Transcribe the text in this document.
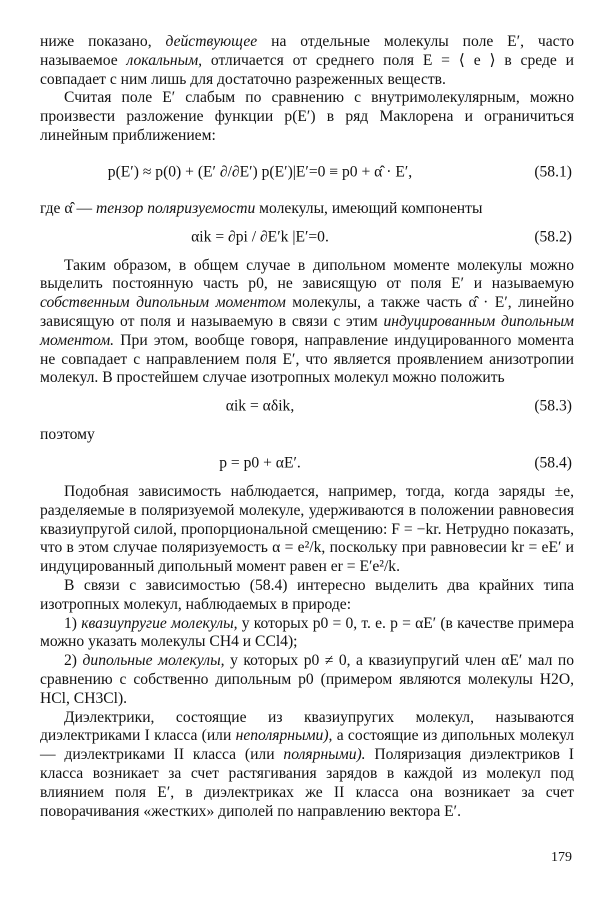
ниже показано, действующее на отдельные молекулы поле E′, часто называемое локальным, отличается от среднего поля E = ⟨ e ⟩ в среде и совпадает с ним лишь для достаточно разреженных веществ.

Считая поле E′ слабым по сравнению с внутримолекулярным, можно произвести разложение функции p(E′) в ряд Маклорена и ограничиться линейным приближением:

p(E′) ≈ p(0) + (E′ ∂/∂E′) p(E′)|E′=0 ≡ p0 + α̂ · E′,	(58.1)

где α̂ — тензор поляризуемости молекулы, имеющий компоненты

αik = ∂pi / ∂E′k |E′=0.	(58.2)

Таким образом, в общем случае в дипольном моменте молекулы можно выделить постоянную часть p0, не зависящую от поля E′ и называемую собственным дипольным моментом молекулы, а также часть α̂ · E′, линейно зависящую от поля и называемую в связи с этим индуцированным дипольным моментом. При этом, вообще говоря, направление индуцированного момента не совпадает с направлением поля E′, что является проявлением анизотропии молекул. В простейшем случае изотропных молекул можно положить

αik = αδik,	(58.3)

поэтому

p = p0 + αE′.	(58.4)

Подобная зависимость наблюдается, например, тогда, когда заряды ±e, разделяемые в поляризуемой молекуле, удерживаются в положении равновесия квазиупругой силой, пропорциональной смещению: F = −kr. Нетрудно показать, что в этом случае поляризуемость α = e²/k, поскольку при равновесии kr = eE′ и индуцированный дипольный момент равен er = E′e²/k.

В связи с зависимостью (58.4) интересно выделить два крайних типа изотропных молекул, наблюдаемых в природе:

1) квазиупругие молекулы, у которых p0 = 0, т. е. p = αE′ (в качестве примера можно указать молекулы CH4 и CCl4);

2) дипольные молекулы, у которых p0 ≠ 0, а квазиупругий член αE′ мал по сравнению с собственно дипольным p0 (примером являются молекулы H2O, HCl, CH3Cl).

Диэлектрики, состоящие из квазиупругих молекул, называются диэлектриками I класса (или неполярными), а состоящие из дипольных молекул — диэлектриками II класса (или полярными). Поляризация диэлектриков I класса возникает за счет растягивания зарядов в каждой из молекул под влиянием поля E′, в диэлектриках же II класса она возникает за счет поворачивания «жестких» диполей по направлению вектора E′.

179
